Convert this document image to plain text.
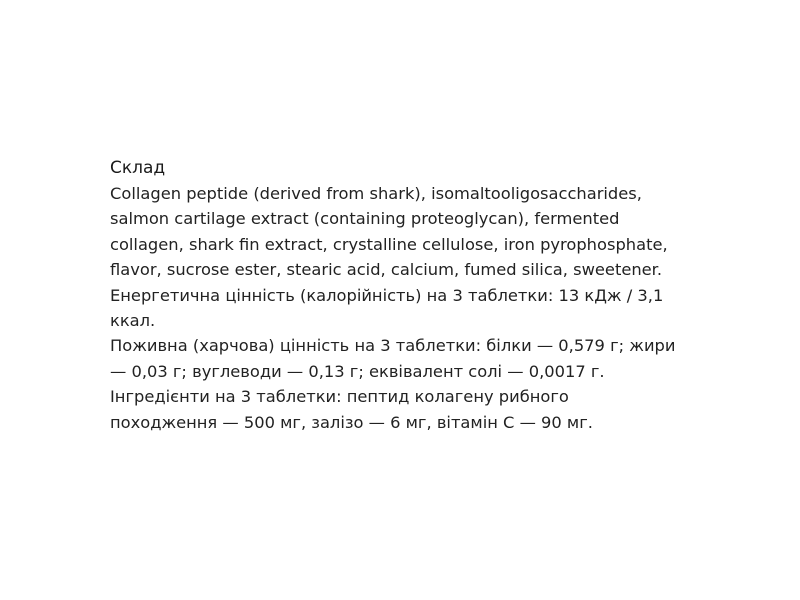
Склад
Collagen peptide (derived from shark), isomaltooligosaccharides,
salmon cartilage extract (containing proteoglycan), fermented
collagen, shark fin extract, crystalline cellulose, iron pyrophosphate,
flavor, sucrose ester, stearic acid, calcium, fumed silica, sweetener.
Енергетична цінність (калорійність) на 3 таблетки: 13 кДж / 3,1
ккал.
Поживна (харчова) цінність на 3 таблетки: білки — 0,579 г; жири
— 0,03 г; вуглеводи — 0,13 г; еквівалент солі — 0,0017 г.
Інгредієнти на 3 таблетки: пептид колагену рибного
походження — 500 мг, залізо — 6 мг, вітамін С — 90 мг.
